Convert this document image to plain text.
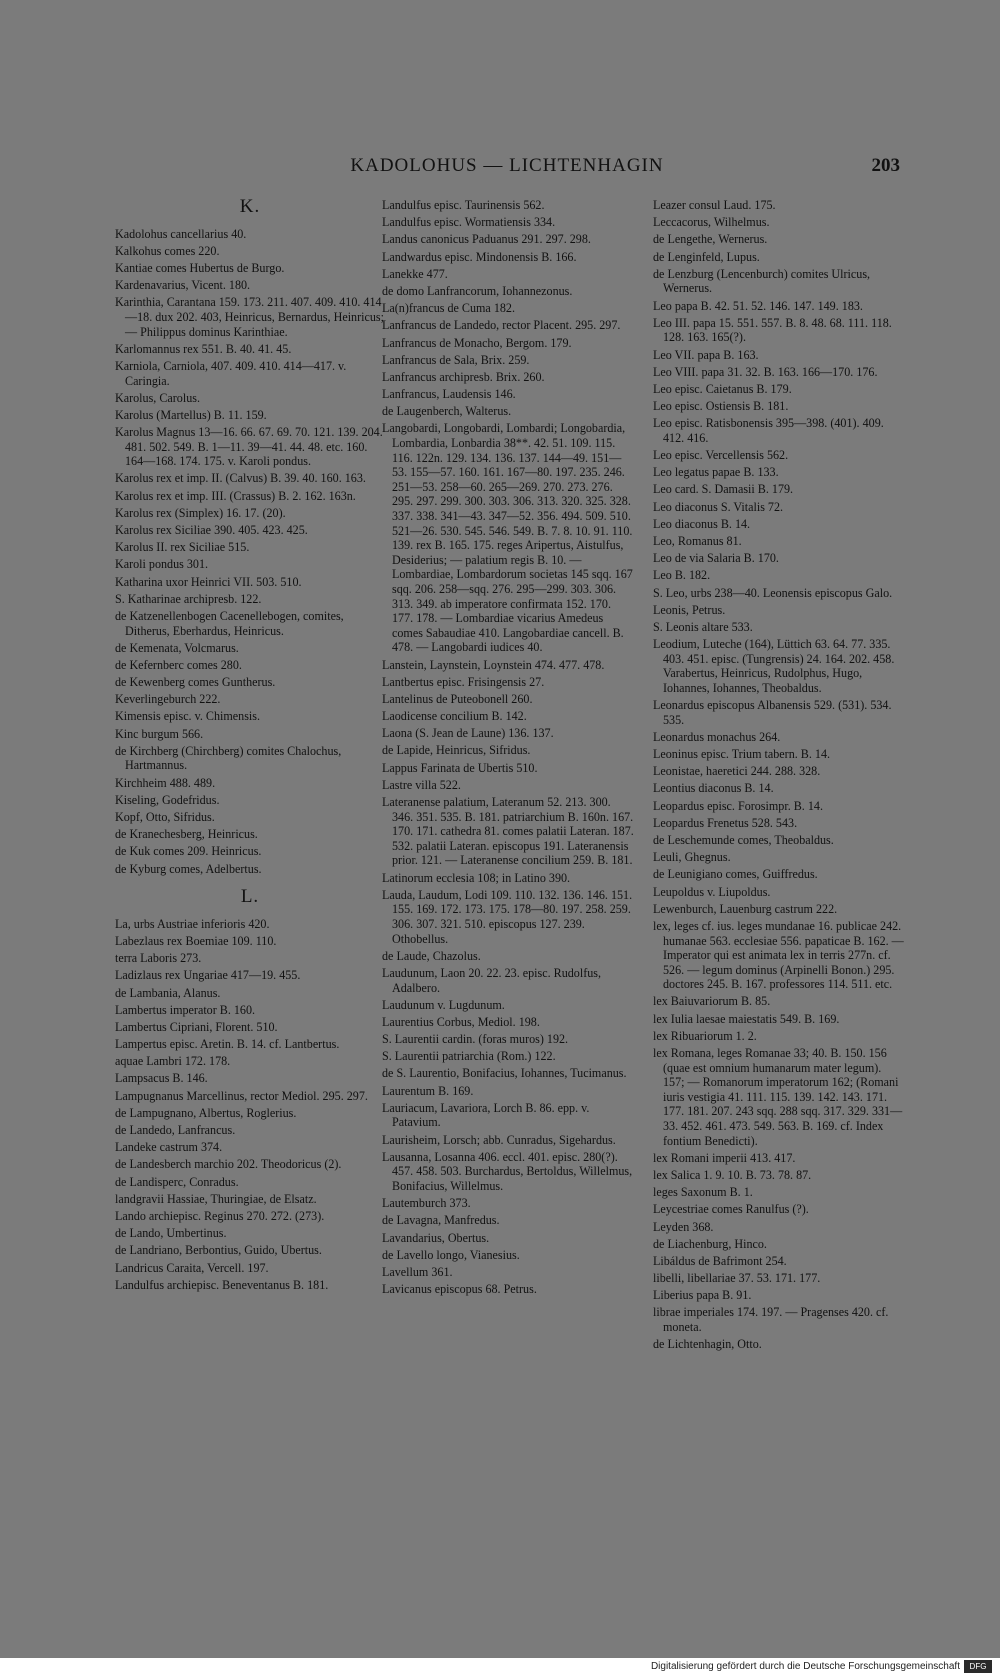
KADOLOHUS — LICHTENHAGIN	203
K.
Kadolohus cancellarius 40.
Kalkohus comes 220.
Kantiae comes Hubertus de Burgo.
Kardenavarius, Vicent. 180.
Karinthia, Carantana 159. 173. 211. 407. 409. 410. 414—18. dux 202. 403, Heinricus, Bernardus, Heinricus; — Philippus dominus Karinthiae.
Karlomannus rex 551. B. 40. 41. 45.
Karniola, Carniola, 407. 409. 410. 414—417. v. Caringia.
Karolus, Carolus.
Karolus (Martellus) B. 11. 159.
Karolus Magnus 13—16. 66. 67. 69. 70. 121. 139. 204. 481. 502. 549. B. 1—11. 39—41. 44. 48. etc. 160. 164—168. 174. 175. v. Karoli pondus.
Karolus rex et imp. II. (Calvus) B. 39. 40. 160. 163.
Karolus rex et imp. III. (Crassus) B. 2. 162. 163n.
Karolus rex (Simplex) 16. 17. (20).
Karolus rex Siciliae 390. 405. 423. 425.
Karolus II. rex Siciliae 515.
Karoli pondus 301.
Katharina uxor Heinrici VII. 503. 510.
S. Katharinae archipresb. 122.
de Katzenellenbogen Cacenellebogen, comites, Ditherus, Eberhardus, Heinricus.
de Kemenata, Volcmarus.
de Kefernberc comes 280.
de Kewenberg comes Guntherus.
Keverlingeburch 222.
Kimensis episc. v. Chimensis.
Kinc burgum 566.
de Kirchberg (Chirchberg) comites Chalochus, Hartmannus.
Kirchheim 488. 489.
Kiseling, Godefridus.
Kopf, Otto, Sifridus.
de Kranechesberg, Heinricus.
de Kuk comes 209. Heinricus.
de Kyburg comes, Adelbertus.
L.
La, urbs Austriae inferioris 420.
Labezlaus rex Boemiae 109. 110.
terra Laboris 273.
Ladizlaus rex Ungariae 417—19. 455.
de Lambania, Alanus.
Lambertus imperator B. 160.
Lambertus Cipriani, Florent. 510.
Lampertus episc. Aretin. B. 14. cf. Lantbertus.
aquae Lambri 172. 178.
Lampsacus B. 146.
Lampugnanus Marcellinus, rector Mediol. 295. 297.
de Lampugnano, Albertus, Roglerius.
de Landedo, Lanfrancus.
Landeke castrum 374.
de Landesberch marchio 202. Theodoricus (2).
de Landisperc, Conradus.
landgravii Hassiae, Thuringiae, de Elsatz.
Lando archiepisc. Reginus 270. 272. (273).
de Lando, Umbertinus.
de Landriano, Berbontius, Guido, Ubertus.
Landricus Caraita, Vercell. 197.
Landulfus archiepisc. Beneventanus B. 181.
Landulfus episc. Taurinensis 562.
Landulfus episc. Wormatiensis 334.
Landus canonicus Paduanus 291. 297. 298.
Landwardus episc. Mindonensis B. 166.
Lanekke 477.
de domo Lanfrancorum, Iohannezonus.
La(n)francus de Cuma 182.
Lanfrancus de Landedo, rector Placent. 295. 297.
Lanfrancus de Monacho, Bergom. 179.
Lanfrancus de Sala, Brix. 259.
Lanfrancus archipresb. Brix. 260.
Lanfrancus, Laudensis 146.
de Laugenberch, Walterus.
Langobardi, Longobardi, Lombardi; Longobardia, Lombardia, Lonbardia 38**. 42. 51. 109. 115. 116. 122n. 129. 134. 136. 137. 144—49. 151—53. 155—57. 160. 161. 167—80. 197. 235. 246. 251—53. 258—60. 265—269. 270. 273. 276. 295. 297. 299. 300. 303. 306. 313. 320. 325. 328. 337. 338. 341—43. 347—52. 356. 494. 509. 510. 521—26. 530. 545. 546. 549. B. 7. 8. 10. 91. 110. 139. rex B. 165. 175. reges Aripertus, Aistulfus, Desiderius; — palatium regis B. 10. — Lombardiae, Lombardorum societas 145 sqq. 167 sqq. 206. 258—sqq. 276. 295—299. 303. 306. 313. 349. ab imperatore confirmata 152. 170. 177. 178. — Lombardiae vicarius Amedeus comes Sabaudiae 410. Langobardiae cancell. B. 478. — Langobardi iudices 40.
Lanstein, Laynstein, Loynstein 474. 477. 478.
Lantbertus episc. Frisingensis 27.
Lantelinus de Puteobonell 260.
Laodicense concilium B. 142.
Laona (S. Jean de Laune) 136. 137.
de Lapide, Heinricus, Sifridus.
Lappus Farinata de Ubertis 510.
Lastre villa 522.
Lateranense palatium, Lateranum 52. 213. 300. 346. 351. 535. B. 181. patriarchium B. 160n. 167. 170. 171. cathedra 81. comes palatii Lateran. 187. 532. palatii Lateran. episcopus 191. Lateranensis prior. 121. — Lateranense concilium 259. B. 181.
Latinorum ecclesia 108; in Latino 390.
Lauda, Laudum, Lodi 109. 110. 132. 136. 146. 151. 155. 169. 172. 173. 175. 178—80. 197. 258. 259. 306. 307. 321. 510. episcopus 127. 239. Othobellus.
de Laude, Chazolus.
Laudunum, Laon 20. 22. 23. episc. Rudolfus, Adalbero.
Laudunum v. Lugdunum.
Laurentius Corbus, Mediol. 198.
S. Laurentii cardin. (foras muros) 192.
S. Laurentii patriarchia (Rom.) 122.
de S. Laurentio, Bonifacius, Iohannes, Tucimanus.
Laurentum B. 169.
Lauriacum, Lavariora, Lorch B. 86. epp. v. Patavium.
Laurisheim, Lorsch; abb. Cunradus, Sigehardus.
Lausanna, Losanna 406. eccl. 401. episc. 280(?). 457. 458. 503. Burchardus, Bertoldus, Willelmus, Bonifacius, Willelmus.
Lautemburch 373.
de Lavagna, Manfredus.
Lavandarius, Obertus.
de Lavello longo, Vianesius.
Lavellum 361.
Lavicanus episcopus 68. Petrus.
Leazer consul Laud. 175.
Leccacorus, Wilhelmus.
de Lengethe, Wernerus.
de Lenginfeld, Lupus.
de Lenzburg (Lencenburch) comites Ulricus, Wernerus.
Leo papa B. 42. 51. 52. 146. 147. 149. 183.
Leo III. papa 15. 551. 557. B. 8. 48. 68. 111. 118. 128. 163. 165(?).
Leo VII. papa B. 163.
Leo VIII. papa 31. 32. B. 163. 166—170. 176.
Leo episc. Caietanus B. 179.
Leo episc. Ostiensis B. 181.
Leo episc. Ratisbonensis 395—398. (401). 409. 412. 416.
Leo episc. Vercellensis 562.
Leo legatus papae B. 133.
Leo card. S. Damasii B. 179.
Leo diaconus S. Vitalis 72.
Leo diaconus B. 14.
Leo, Romanus 81.
Leo de via Salaria B. 170.
Leo B. 182.
S. Leo, urbs 238—40. Leonensis episcopus Galo.
Leonis, Petrus.
S. Leonis altare 533.
Leodium, Luteche (164), Lüttich 63. 64. 77. 335. 403. 451. episc. (Tungrensis) 24. 164. 202. 458. Varabertus, Heinricus, Rudolphus, Hugo, Iohannes, Iohannes, Theobaldus.
Leonardus episcopus Albanensis 529. (531). 534. 535.
Leonardus monachus 264.
Leoninus episc. Trium tabern. B. 14.
Leonistae, haeretici 244. 288. 328.
Leontius diaconus B. 14.
Leopardus episc. Forosimpr. B. 14.
Leopardus Frenetus 528. 543.
de Leschemunde comes, Theobaldus.
Leuli, Ghegnus.
de Leunigiano comes, Guiffredus.
Leupoldus v. Liupoldus.
Lewenburch, Lauenburg castrum 222.
lex, leges cf. ius. leges mundanae 16. publicae 242. humanae 563. ecclesiae 556. papaticae B. 162. — Imperator qui est animata lex in terris 277n. cf. 526. — legum dominus (Arpinelli Bonon.) 295. doctores 245. B. 167. professores 114. 511. etc.
lex Baiuvariorum B. 85.
lex Iulia laesae maiestatis 549. B. 169.
lex Ribuariorum 1. 2.
lex Romana, leges Romanae 33; 40. B. 150. 156 (quae est omnium humanarum mater legum). 157; — Romanorum imperatorum 162; (Romani iuris vestigia 41. 111. 115. 139. 142. 143. 171. 177. 181. 207. 243 sqq. 288 sqq. 317. 329. 331—33. 452. 461. 473. 549. 563. B. 169. cf. Index fontium Benedicti).
lex Romani imperii 413. 417.
lex Salica 1. 9. 10. B. 73. 78. 87.
leges Saxonum B. 1.
Leycestriae comes Ranulfus (?).
Leyden 368.
de Liachenburg, Hinco.
Libáldus de Bafrimont 254.
libelli, libellariae 37. 53. 171. 177.
Liberius papa B. 91.
librae imperiales 174. 197. — Pragenses 420. cf. moneta.
de Lichtenhagin, Otto.
Digitalisierung gefördert durch die Deutsche Forschungsgemeinschaft	DFG
